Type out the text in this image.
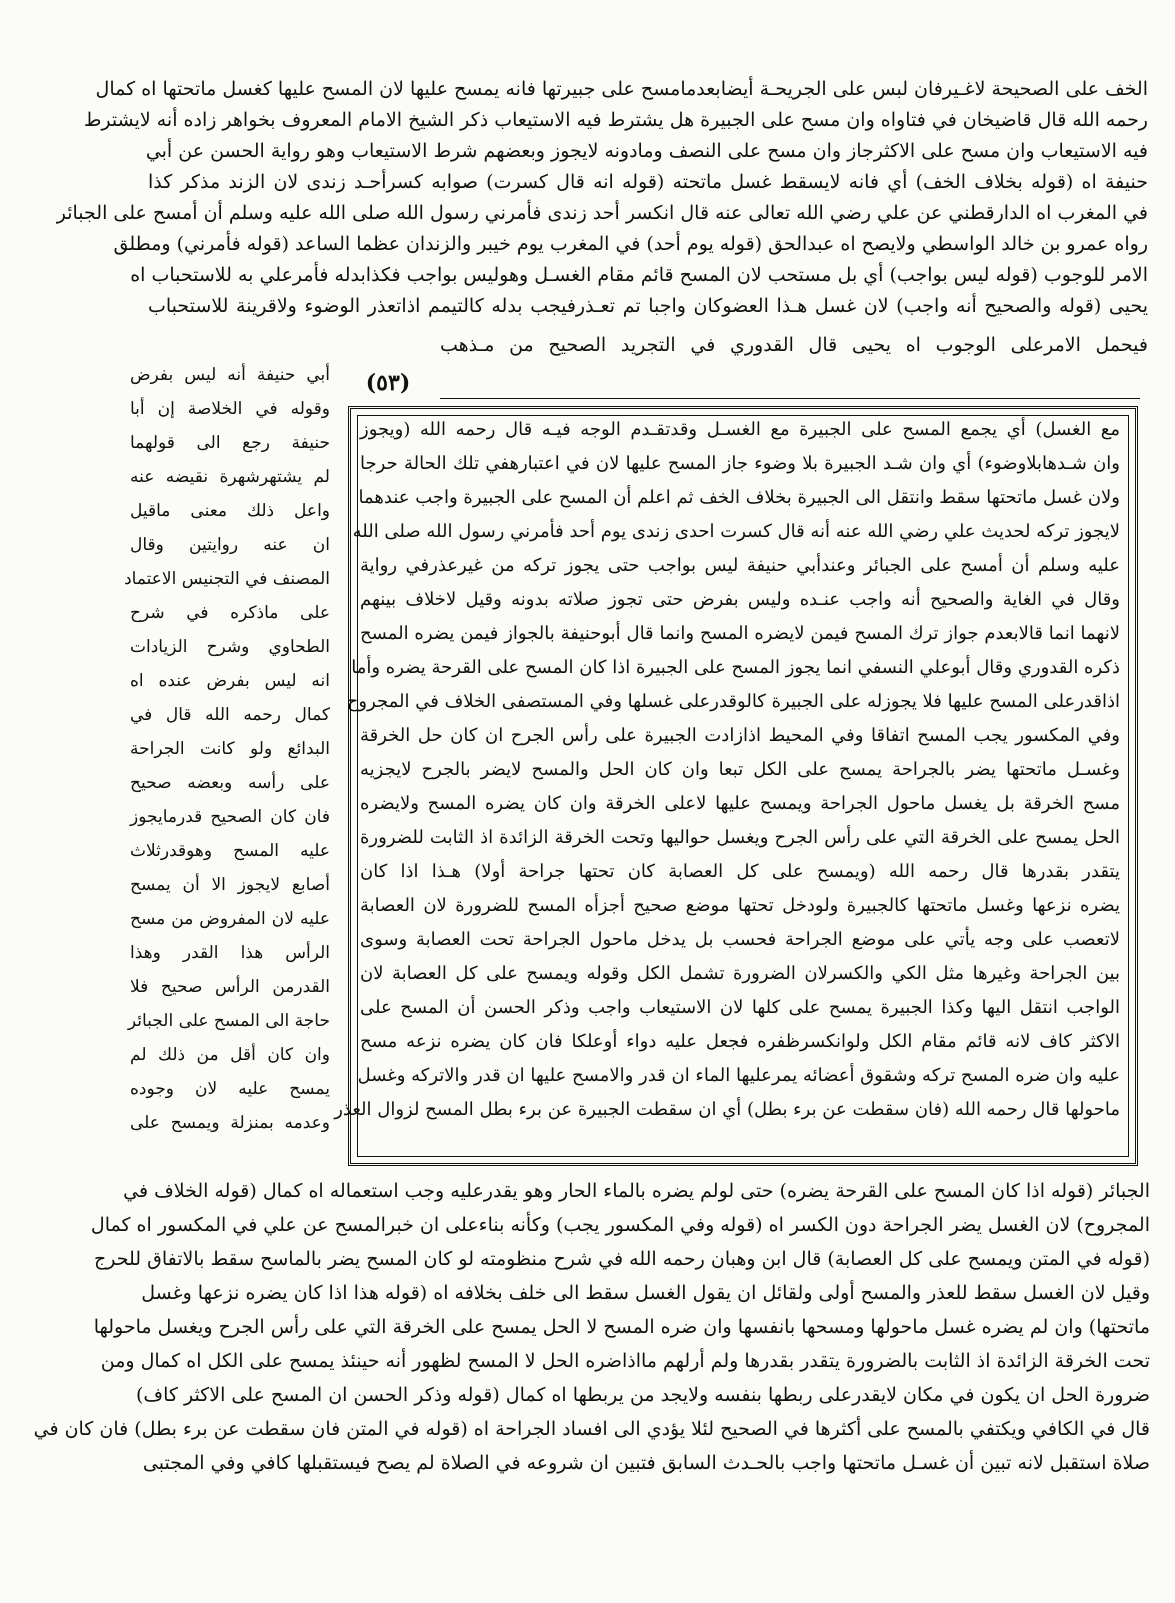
الخف على الصحيحة لاغـيرفان لبس على الجريحـة أيضابعدمامسح على جبيرتها فانه يمسح عليها لان المسح عليها كغسل ماتحتها اه كمال
رحمه الله قال قاضيخان في فتاواه وان مسح على الجبيرة هل يشترط فيه الاستيعاب ذكر الشيخ الامام المعروف بخواهر زاده أنه لايشترط
فيه الاستيعاب وان مسح على الاكثرجاز وان مسح على النصف ومادونه لايجوز وبعضهم شرط الاستيعاب وهو رواية الحسن عن أبي
حنيفة اه (قوله بخلاف الخف) أي فانه لايسقط غسل ماتحته (قوله انه قال كسرت) صوابه كسرأحـد زندى لان الزند مذكر كذا
في المغرب اه الدارقطني عن علي رضي الله تعالى عنه قال انكسر أحد زندى فأمرني رسول الله صلى الله عليه وسلم أن أمسح على الجبائر
رواه عمرو بن خالد الواسطي ولايصح اه عبدالحق (قوله يوم أحد) في المغرب يوم خيبر والزندان عظما الساعد (قوله فأمرني) ومطلق
الامر للوجوب (قوله ليس بواجب) أي بل مستحب لان المسح قائم مقام الغسـل وهوليس بواجب فكذابدله فأمرعلي به للاستحباب اه
يحيى (قوله والصحيح أنه واجب) لان غسل هـذا العضوكان واجبا تم تعـذرفيجب بدله كالتيمم اذاتعذر الوضوء ولاقرينة للاستحباب
فيحمل الامرعلى الوجوب اه يحيى قال القدوري في التجريد الصحيح من مـذهب
(٥٣)
أبي حنيفة أنه ليس بفرض
وقوله في الخلاصة إن أبا
حنيفة رجع الى قولهما
لم يشتهرشهرة نقيضه عنه
واعل ذلك معنى ماقيل
ان عنه روايتين وقال
المصنف في التجنيس الاعتماد
على ماذكره في شرح
الطحاوي وشرح الزيادات
انه ليس بفرض عنده اه
كمال رحمه الله قال في
البدائع ولو كانت الجراحة
على رأسه وبعضه صحيح
فان كان الصحيح قدرمايجوز
عليه المسح وهوقدرثلاث
أصابع لايجوز الا أن يمسح
عليه لان المفروض من مسح
الرأس هذا القدر وهذا
القدرمن الرأس صحيح فلا
حاجة الى المسح على الجبائر
وان كان أقل من ذلك لم
يمسح عليه لان وجوده
وعدمه بمنزلة ويمسح على
مع الغسل) أي يجمع المسح على الجبيرة مع الغسـل وقدتقـدم الوجه فيـه قال رحمه الله (ويجوز
وان شـدهابلاوضوء) أي وان شـد الجبيرة بلا وضوء جاز المسح عليها لان في اعتبارهفي تلك الحالة حرجا
ولان غسل ماتحتها سقط وانتقل الى الجبيرة بخلاف الخف ثم اعلم أن المسح على الجبيرة واجب عندهما
لايجوز تركه لحديث علي رضي الله عنه أنه قال كسرت احدى زندى يوم أحد فأمرني رسول الله صلى الله
عليه وسلم أن أمسح على الجبائر وعندأبي حنيفة ليس بواجب حتى يجوز تركه من غيرعذرفي رواية
وقال في الغاية والصحيح أنه واجب عنـده وليس بفرض حتى تجوز صلاته بدونه وقيل لاخلاف بينهم
لانهما انما قالابعدم جواز ترك المسح فيمن لايضره المسح وانما قال أبوحنيفة بالجواز فيمن يضره المسح
ذكره القدوري وقال أبوعلي النسفي انما يجوز المسح على الجبيرة اذا كان المسح على القرحة يضره وأما
اذاقدرعلى المسح عليها فلا يجوزله على الجبيرة كالوقدرعلى غسلها وفي المستصفى الخلاف في المجروح
وفي المكسور يجب المسح اتفاقا وفي المحيط اذازادت الجبيرة على رأس الجرح ان كان حل الخرقة
وغسـل ماتحتها يضر بالجراحة يمسح على الكل تبعا وان كان الحل والمسح لايضر بالجرح لايجزيه
مسح الخرقة بل يغسل ماحول الجراحة ويمسح عليها لاعلى الخرقة وان كان يضره المسح ولايضره
الحل يمسح على الخرقة التي على رأس الجرح ويغسل حواليها وتحت الخرقة الزائدة اذ الثابت للضرورة
يتقدر بقدرها قال رحمه الله (ويمسح على كل العصابة كان تحتها جراحة أولا) هـذا اذا كان
يضره نزعها وغسل ماتحتها كالجبيرة ولودخل تحتها موضع صحيح أجزأه المسح للضرورة لان العصابة
لاتعصب على وجه يأتي على موضع الجراحة فحسب بل يدخل ماحول الجراحة تحت العصابة وسوى
بين الجراحة وغيرها مثل الكي والكسرلان الضرورة تشمل الكل وقوله ويمسح على كل العصابة لان
الواجب انتقل اليها وكذا الجبيرة يمسح على كلها لان الاستيعاب واجب وذكر الحسن أن المسح على
الاكثر كاف لانه قائم مقام الكل ولوانكسرظفره فجعل عليه دواء أوعلكا فان كان يضره نزعه مسح
عليه وان ضره المسح تركه وشقوق أعضائه يمرعليها الماء ان قدر والامسح عليها ان قدر والاتركه وغسل
ماحولها قال رحمه الله (فان سقطت عن برء بطل) أي ان سقطت الجبيرة عن برء بطل المسح لزوال العذر
الجبائر (قوله اذا كان المسح على القرحة يضره) حتى لولم يضره بالماء الحار وهو يقدرعليه وجب استعماله اه كمال (قوله الخلاف في
المجروح) لان الغسل يضر الجراحة دون الكسر اه (قوله وفي المكسور يجب) وكأنه بناءعلى ان خبرالمسح عن علي في المكسور اه كمال
(قوله في المتن ويمسح على كل العصابة) قال ابن وهبان رحمه الله في شرح منظومته لو كان المسح يضر بالماسح سقط بالاتفاق للحرج
وقيل لان الغسل سقط للعذر والمسح أولى ولقائل ان يقول الغسل سقط الى خلف بخلافه اه (قوله هذا اذا كان يضره نزعها وغسل
ماتحتها) وان لم يضره غسل ماحولها ومسحها بانفسها وان ضره المسح لا الحل يمسح على الخرقة التي على رأس الجرح ويغسل ماحولها
تحت الخرقة الزائدة اذ الثابت بالضرورة يتقدر بقدرها ولم أرلهم مااذاضره الحل لا المسح لظهور أنه حينئذ يمسح على الكل اه كمال ومن
ضرورة الحل ان يكون في مكان لايقدرعلى ربطها بنفسه ولايجد من يربطها اه كمال (قوله وذكر الحسن ان المسح على الاكثر كاف)
قال في الكافي ويكتفي بالمسح على أكثرها في الصحيح لئلا يؤدي الى افساد الجراحة اه (قوله في المتن فان سقطت عن برء بطل) فان كان في
صلاة استقبل لانه تبين أن غسـل ماتحتها واجب بالحـدث السابق فتبين ان شروعه في الصلاة لم يصح فيستقبلها كافي وفي المجتبى
